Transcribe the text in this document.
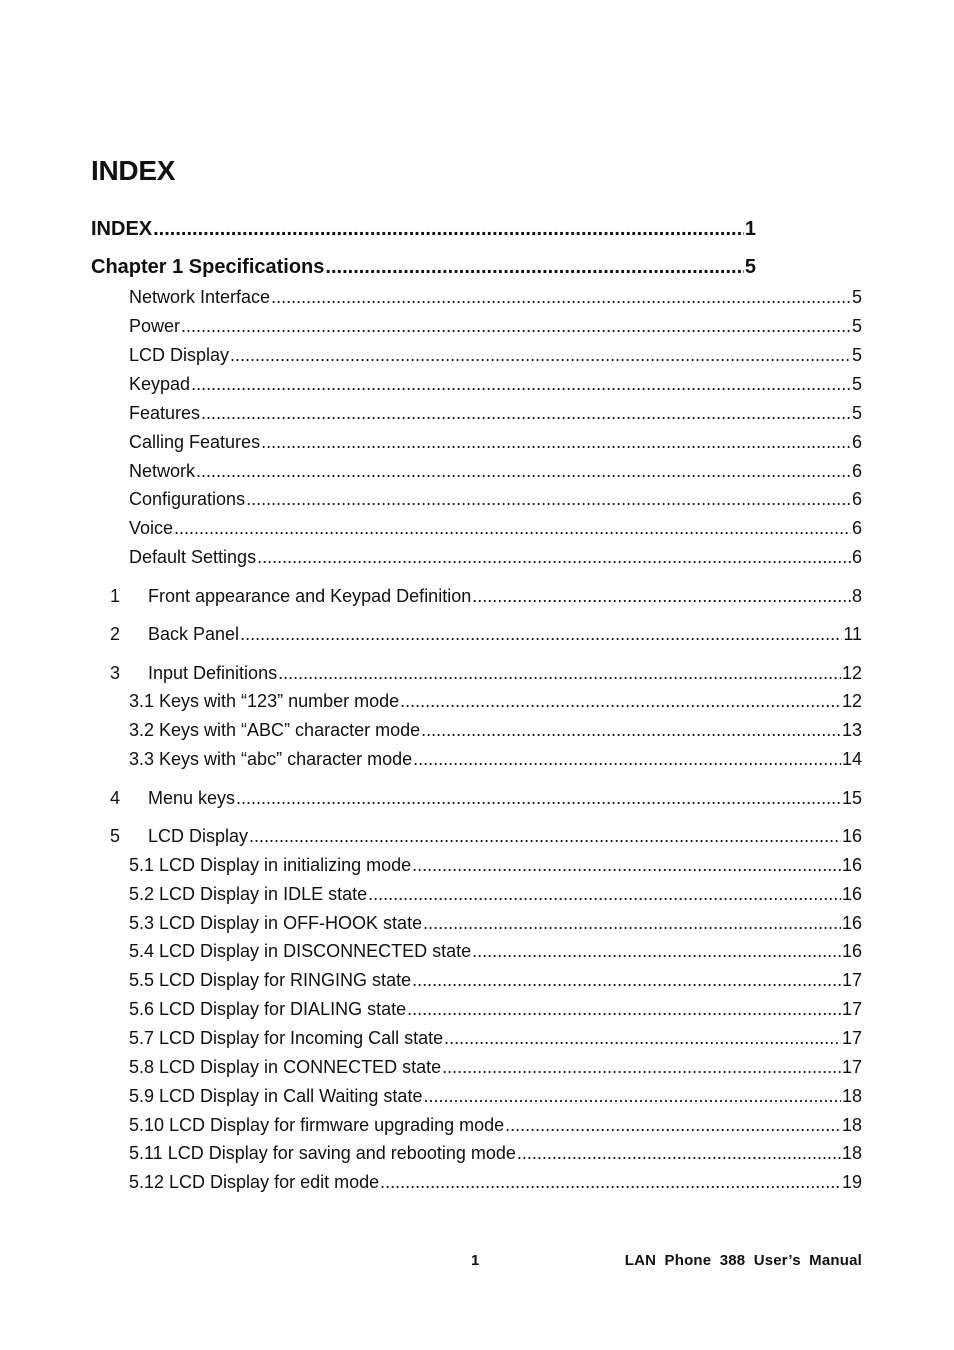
INDEX
INDEX .....	1
Chapter 1 Specifications .....	5
Network Interface .....	5
Power .....	5
LCD Display .....	5
Keypad .....	5
Features .....	5
Calling Features .....	6
Network .....	6
Configurations .....	6
Voice .....	6
Default Settings .....	6
1 Front appearance and Keypad Definition .....	8
2 Back Panel .....	11
3 Input Definitions .....	12
3.1 Keys with “123” number mode .....	12
3.2 Keys with “ABC” character mode .....	13
3.3 Keys with “abc” character mode .....	14
4 Menu keys .....	15
5 LCD Display .....	16
5.1 LCD Display in initializing mode .....	16
5.2 LCD Display in IDLE state .....	16
5.3 LCD Display in OFF-HOOK state .....	16
5.4 LCD Display in DISCONNECTED state .....	16
5.5 LCD Display for RINGING state .....	17
5.6 LCD Display for DIALING state .....	17
5.7 LCD Display for Incoming Call state .....	17
5.8 LCD Display in CONNECTED state .....	17
5.9 LCD Display in Call Waiting state .....	18
5.10 LCD Display for firmware upgrading mode .....	18
5.11 LCD Display for saving and rebooting mode .....	18
5.12 LCD Display for edit mode .....	19
1	LAN Phone 388 User’s Manual
